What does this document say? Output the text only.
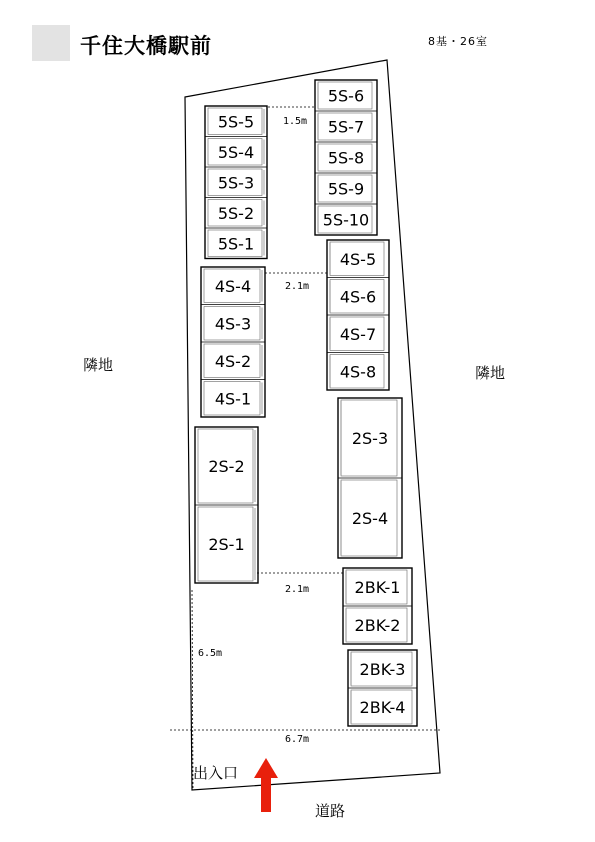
千住大橋駅前	8基・26室
5S-5
5S-4
5S-3
5S-2
5S-1
5S-6
5S-7
5S-8
5S-9
5S-10
4S-4
4S-3
4S-2
4S-1
4S-5
4S-6
4S-7
4S-8
2S-2
2S-1
2S-3
2S-4
2BK-1
2BK-2
2BK-3
2BK-4
隣地	隣地
出入口
道路
1.5m
2.1m
2.1m
6.5m
6.7m
